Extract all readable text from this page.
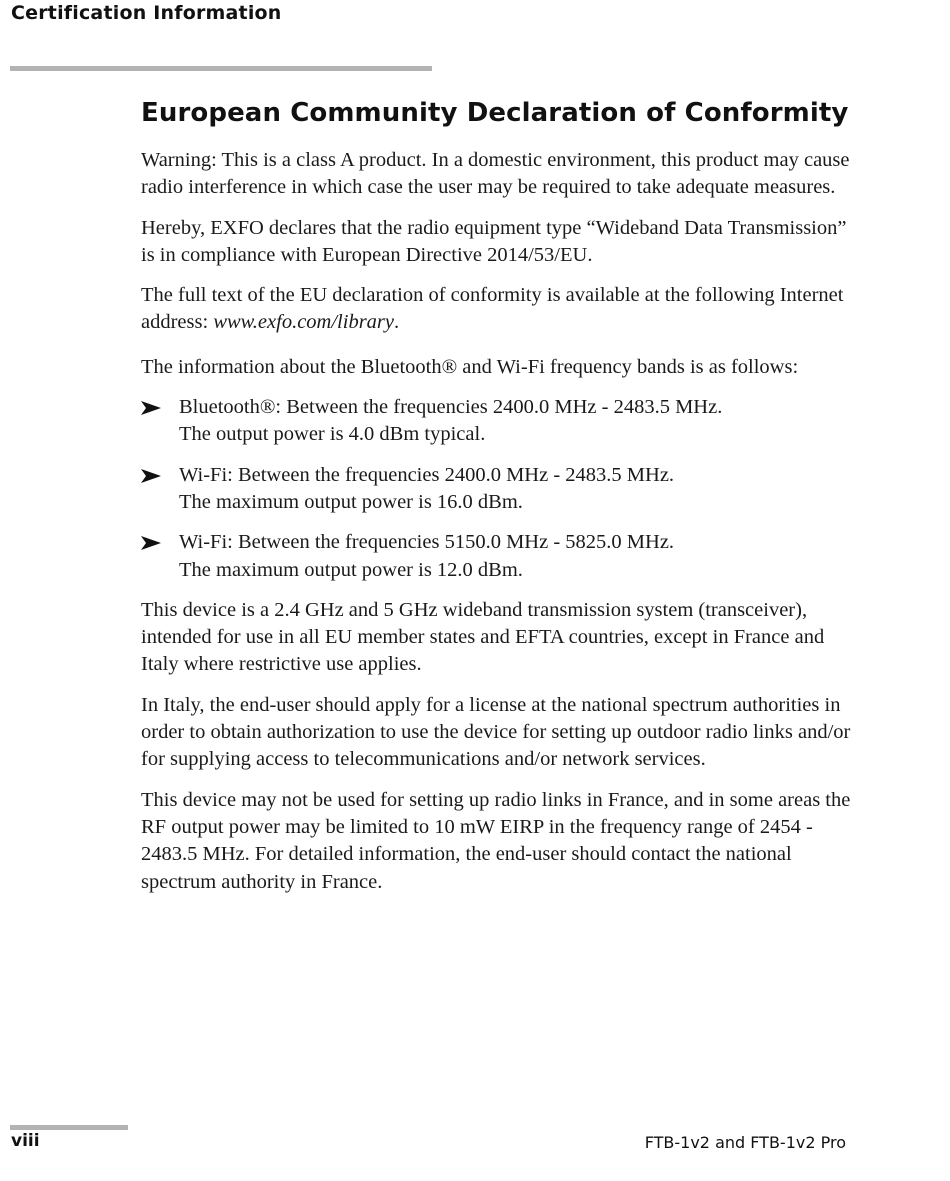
Certification Information
European Community Declaration of Conformity

Warning: This is a class A product. In a domestic environment, this product may cause radio interference in which case the user may be required to take adequate measures.

Hereby, EXFO declares that the radio equipment type “Wideband Data Transmission” is in compliance with European Directive 2014/53/EU.

The full text of the EU declaration of conformity is available at the following Internet address: www.exfo.com/library.

The information about the Bluetooth® and Wi-Fi frequency bands is as follows:

Bluetooth®: Between the frequencies 2400.0 MHz - 2483.5 MHz.
The output power is 4.0 dBm typical.
Wi-Fi: Between the frequencies 2400.0 MHz - 2483.5 MHz.
The maximum output power is 16.0 dBm.
Wi-Fi: Between the frequencies 5150.0 MHz - 5825.0 MHz.
The maximum output power is 12.0 dBm.

This device is a 2.4 GHz and 5 GHz wideband transmission system (transceiver), intended for use in all EU member states and EFTA countries, except in France and Italy where restrictive use applies.

In Italy, the end-user should apply for a license at the national spectrum authorities in order to obtain authorization to use the device for setting up outdoor radio links and/or for supplying access to telecommunications and/or network services.

This device may not be used for setting up radio links in France, and in some areas the RF output power may be limited to 10 mW EIRP in the frequency range of 2454 - 2483.5 MHz. For detailed information, the end-user should contact the national spectrum authority in France.

viii	FTB-1v2 and FTB-1v2 Pro
